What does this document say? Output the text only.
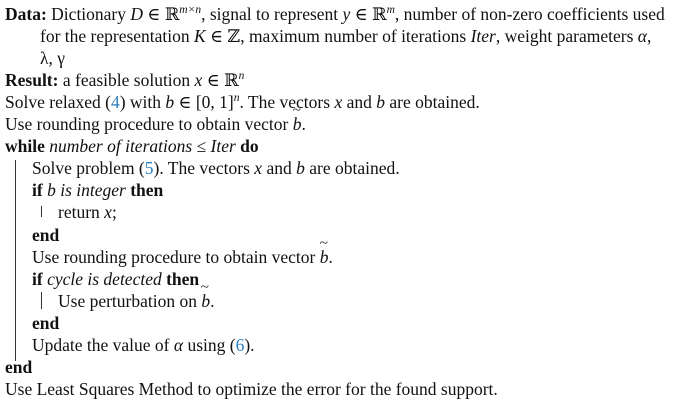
Data: Dictionary D ∈ ℝ$^{m\times n}$, signal to represent y ∈ ℝ$^m$, number of non-zero coefficients used
for the representation K ∈ ℤ, maximum number of iterations Iter, weight parameters α,
λ, γ
Result: a feasible solution x ∈ ℝ$^n$
Solve relaxed (4) with b ∈ [0, 1]$^n$. The vectors x and b are obtained.
Use rounding procedure to obtain vector ~ b.
while number of iterations ≤ Iter do
Solve problem (5). The vectors x and b are obtained.
if b is integer then
return x;
end
Use rounding procedure to obtain vector ~ b.
if cycle is detected then
Use perturbation on ~ b.
end
Update the value of α using (6).
end
Use Least Squares Method to optimize the error for the found support.
